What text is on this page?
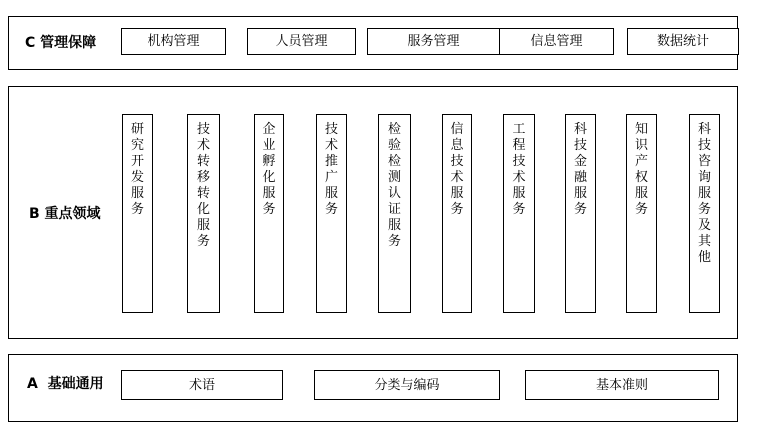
C 管理保障	机构管理	人员管理	服务管理	信息管理	数据统计
B 重点领域
研究开发服务
技术转移转化服务
企业孵化服务
技术推广服务
检验检测认证服务
信息技术服务
工程技术服务
科技金融服务
知识产权服务
科技咨询服务及其他
A  基础通用	术语	分类与编码	基本准则
